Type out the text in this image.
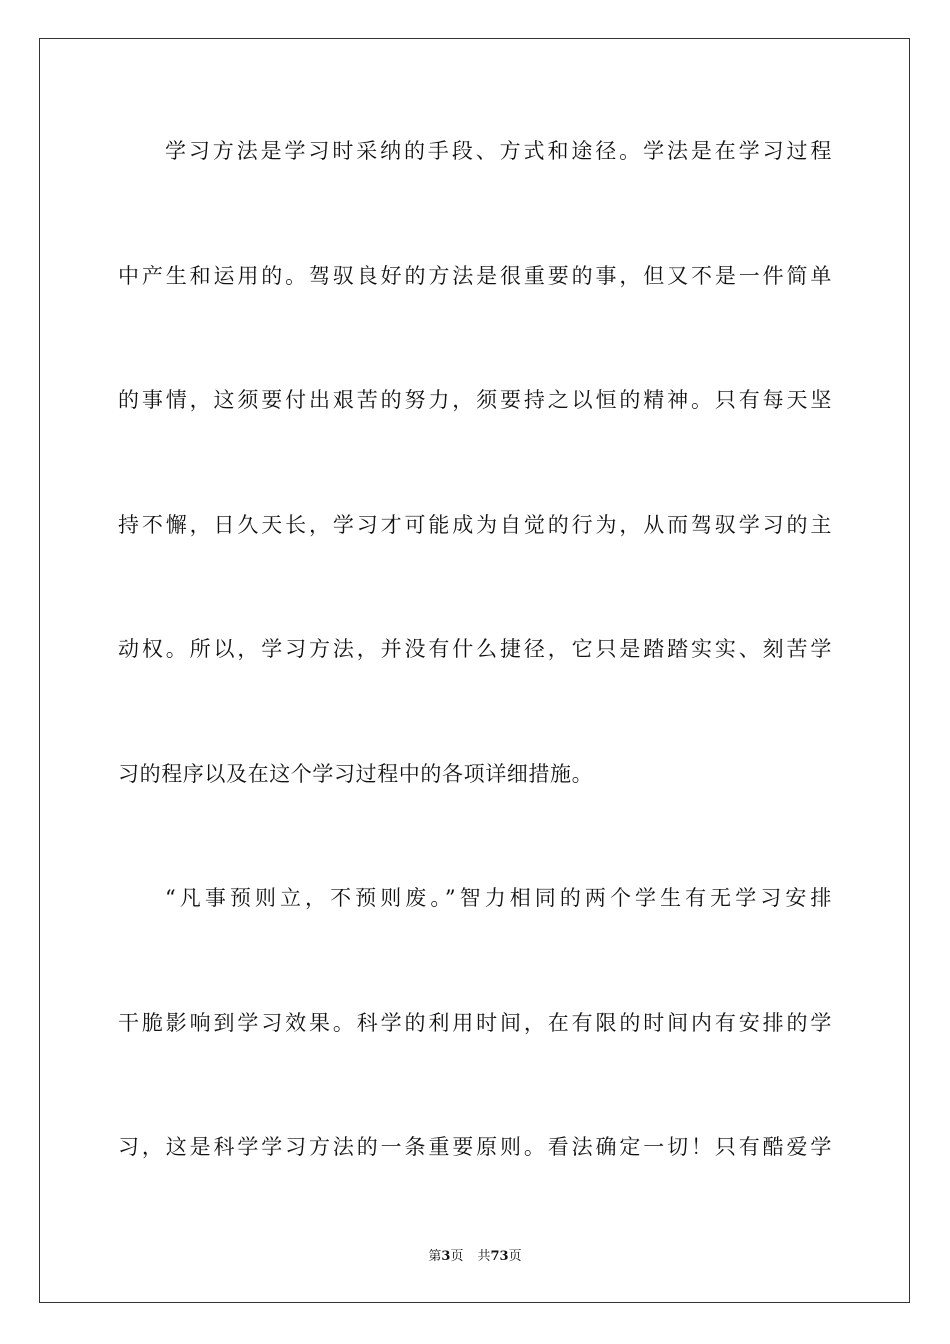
学习方法是学习时采纳的手段、方式和途径。学法是在学习过程
中产生和运用的。驾驭良好的方法是很重要的事，但又不是一件简单
的事情，这须要付出艰苦的努力，须要持之以恒的精神。只有每天坚
持不懈，日久天长，学习才可能成为自觉的行为，从而驾驭学习的主
动权。所以，学习方法，并没有什么捷径，它只是踏踏实实、刻苦学
习的程序以及在这个学习过程中的各项详细措施。
“凡事预则立，不预则废。”智力相同的两个学生有无学习安排
干脆影响到学习效果。科学的利用时间，在有限的时间内有安排的学
习，这是科学学习方法的一条重要原则。看法确定一切！只有酷爱学
第3页 共73页
